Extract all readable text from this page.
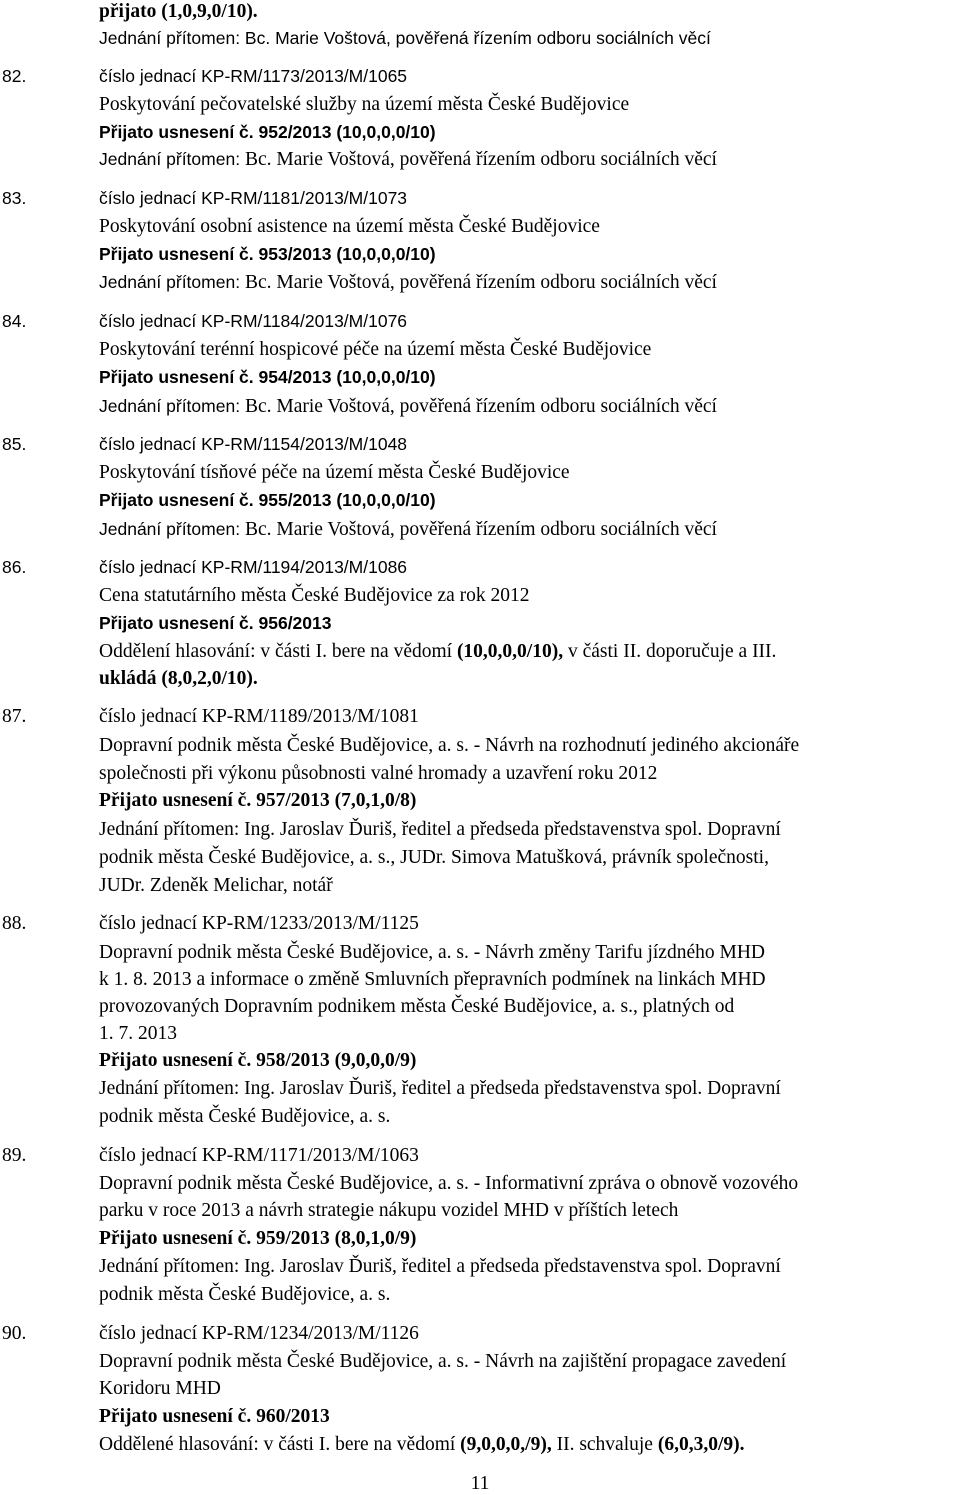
přijato (1,0,9,0/10).
Jednání přítomen: Bc. Marie Voštová, pověřená řízením odboru sociálních věcí
82.	číslo jednací KP-RM/1173/2013/M/1065
Poskytování pečovatelské služby na území města České Budějovice
Přijato usnesení č. 952/2013 (10,0,0,0/10)
Jednání přítomen: Bc. Marie Voštová, pověřená řízením odboru sociálních věcí
83.	číslo jednací KP-RM/1181/2013/M/1073
Poskytování osobní asistence na území města České Budějovice
Přijato usnesení č. 953/2013 (10,0,0,0/10)
Jednání přítomen: Bc. Marie Voštová, pověřená řízením odboru sociálních věcí
84.	číslo jednací KP-RM/1184/2013/M/1076
Poskytování terénní hospicové péče na území města České Budějovice
Přijato usnesení č. 954/2013 (10,0,0,0/10)
Jednání přítomen: Bc. Marie Voštová, pověřená řízením odboru sociálních věcí
85.	číslo jednací KP-RM/1154/2013/M/1048
Poskytování tísňové péče na území města České Budějovice
Přijato usnesení č. 955/2013 (10,0,0,0/10)
Jednání přítomen: Bc. Marie Voštová, pověřená řízením odboru sociálních věcí
86.	číslo jednací KP-RM/1194/2013/M/1086
Cena statutárního města České Budějovice za rok 2012
Přijato usnesení č. 956/2013
Oddělení hlasování: v části I. bere na vědomí (10,0,0,0/10), v části II. doporučuje a III.
ukládá (8,0,2,0/10).
87.	číslo jednací KP-RM/1189/2013/M/1081
Dopravní podnik města České Budějovice, a. s. - Návrh na rozhodnutí jediného akcionáře
společnosti při výkonu působnosti valné hromady a uzavření roku 2012
Přijato usnesení č. 957/2013 (7,0,1,0/8)
Jednání přítomen: Ing. Jaroslav Ďuriš, ředitel a předseda představenstva spol. Dopravní
podnik města České Budějovice, a. s., JUDr. Simova Matušková, právník společnosti,
JUDr. Zdeněk Melichar, notář
88.	číslo jednací KP-RM/1233/2013/M/1125
Dopravní podnik města České Budějovice, a. s. - Návrh změny Tarifu jízdného MHD
k 1. 8. 2013 a informace o změně Smluvních přepravních podmínek na linkách MHD
provozovaných Dopravním podnikem města České Budějovice, a. s., platných od
1. 7. 2013
Přijato usnesení č. 958/2013 (9,0,0,0/9)
Jednání přítomen: Ing. Jaroslav Ďuriš, ředitel a předseda představenstva spol. Dopravní
podnik města České Budějovice, a. s.
89.	číslo jednací KP-RM/1171/2013/M/1063
Dopravní podnik města České Budějovice, a. s. - Informativní zpráva o obnově vozového
parku v roce 2013 a návrh strategie nákupu vozidel MHD v příštích letech
Přijato usnesení č. 959/2013 (8,0,1,0/9)
Jednání přítomen: Ing. Jaroslav Ďuriš, ředitel a předseda představenstva spol. Dopravní
podnik města České Budějovice, a. s.
90.	číslo jednací KP-RM/1234/2013/M/1126
Dopravní podnik města České Budějovice, a. s. - Návrh na zajištění propagace zavedení
Koridoru MHD
Přijato usnesení č. 960/2013
Oddělené hlasování: v části I. bere na vědomí (9,0,0,0,/9), II. schvaluje (6,0,3,0/9).
11
